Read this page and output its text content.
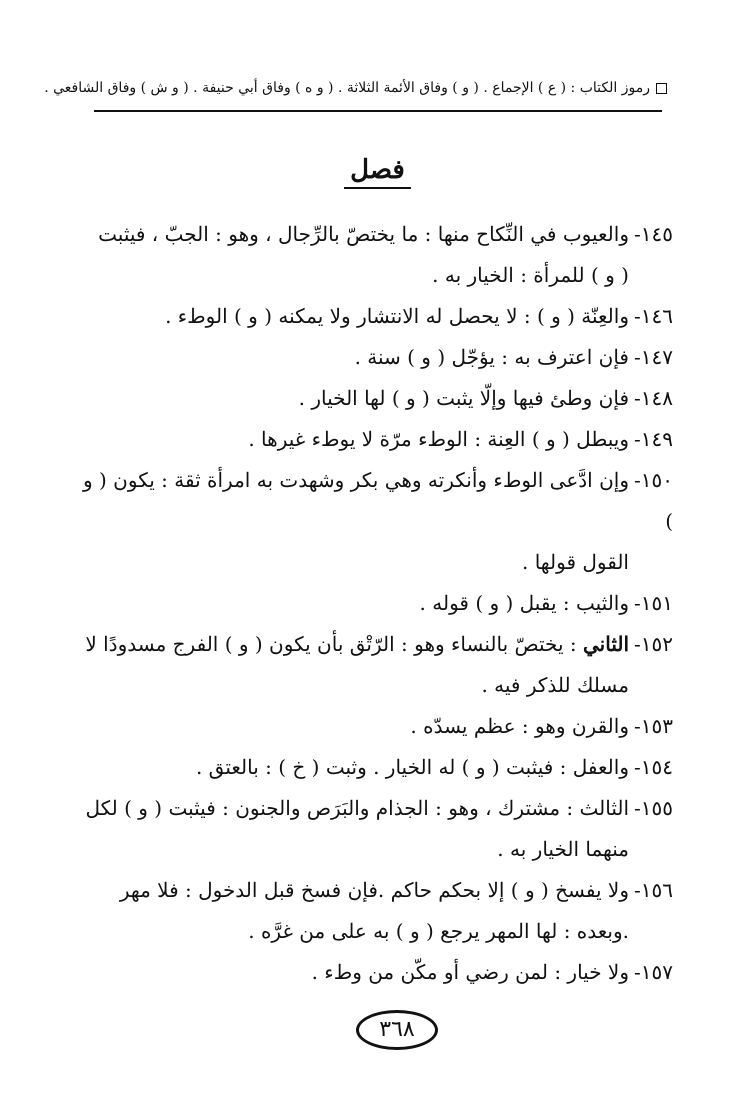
رموز الكتاب : ( ع ) الإجماع . ( و ) وفاق الأئمة الثلاثة . ( و ه ) وفاق أبي حنيفة . ( و ش ) وفاق الشافعي .
فصل
١٤٥-والعيوب في النِّكاح منها : ما يختصّ بالرِّجال ، وهو : الجبّ ، فيثبت
( و ) للمرأة : الخيار به .
١٤٦-والعِنّة ( و ) : لا يحصل له الانتشار ولا يمكنه ( و ) الوطء .
١٤٧-فإن اعترف به : يؤجّل ( و ) سنة .
١٤٨-فإن وطئ فيها وإلّا يثبت ( و ) لها الخيار .
١٤٩-ويبطل ( و ) العِنة : الوطء مرّة لا يوطء غيرها .
١٥٠-وإن ادَّعى الوطء وأنكرته وهي بكر وشهدت به امرأة ثقة : يكون ( و )
القول قولها .
١٥١-والثيب : يقبل ( و ) قوله .
١٥٢-الثاني : يختصّ بالنساء وهو : الرّتْق بأن يكون ( و ) الفرج مسدودًا لا
مسلك للذكر فيه .
١٥٣-والقرن وهو : عظم يسدّه .
١٥٤-والعفل : فيثبت ( و ) له الخيار . وثبت ( خ ) : بالعتق .
١٥٥-الثالث : مشترك ، وهو : الجذام والبَرَص والجنون : فيثبت ( و ) لكل
منهما الخيار به .
١٥٦-ولا يفسخ ( و ) إلا بحكم حاكم .فإن فسخ قبل الدخول : فلا مهر
.وبعده : لها المهر يرجع ( و ) به على من غرَّه .
١٥٧-ولا خيار : لمن رضي أو مكّن من وطء .
٣٦٨
